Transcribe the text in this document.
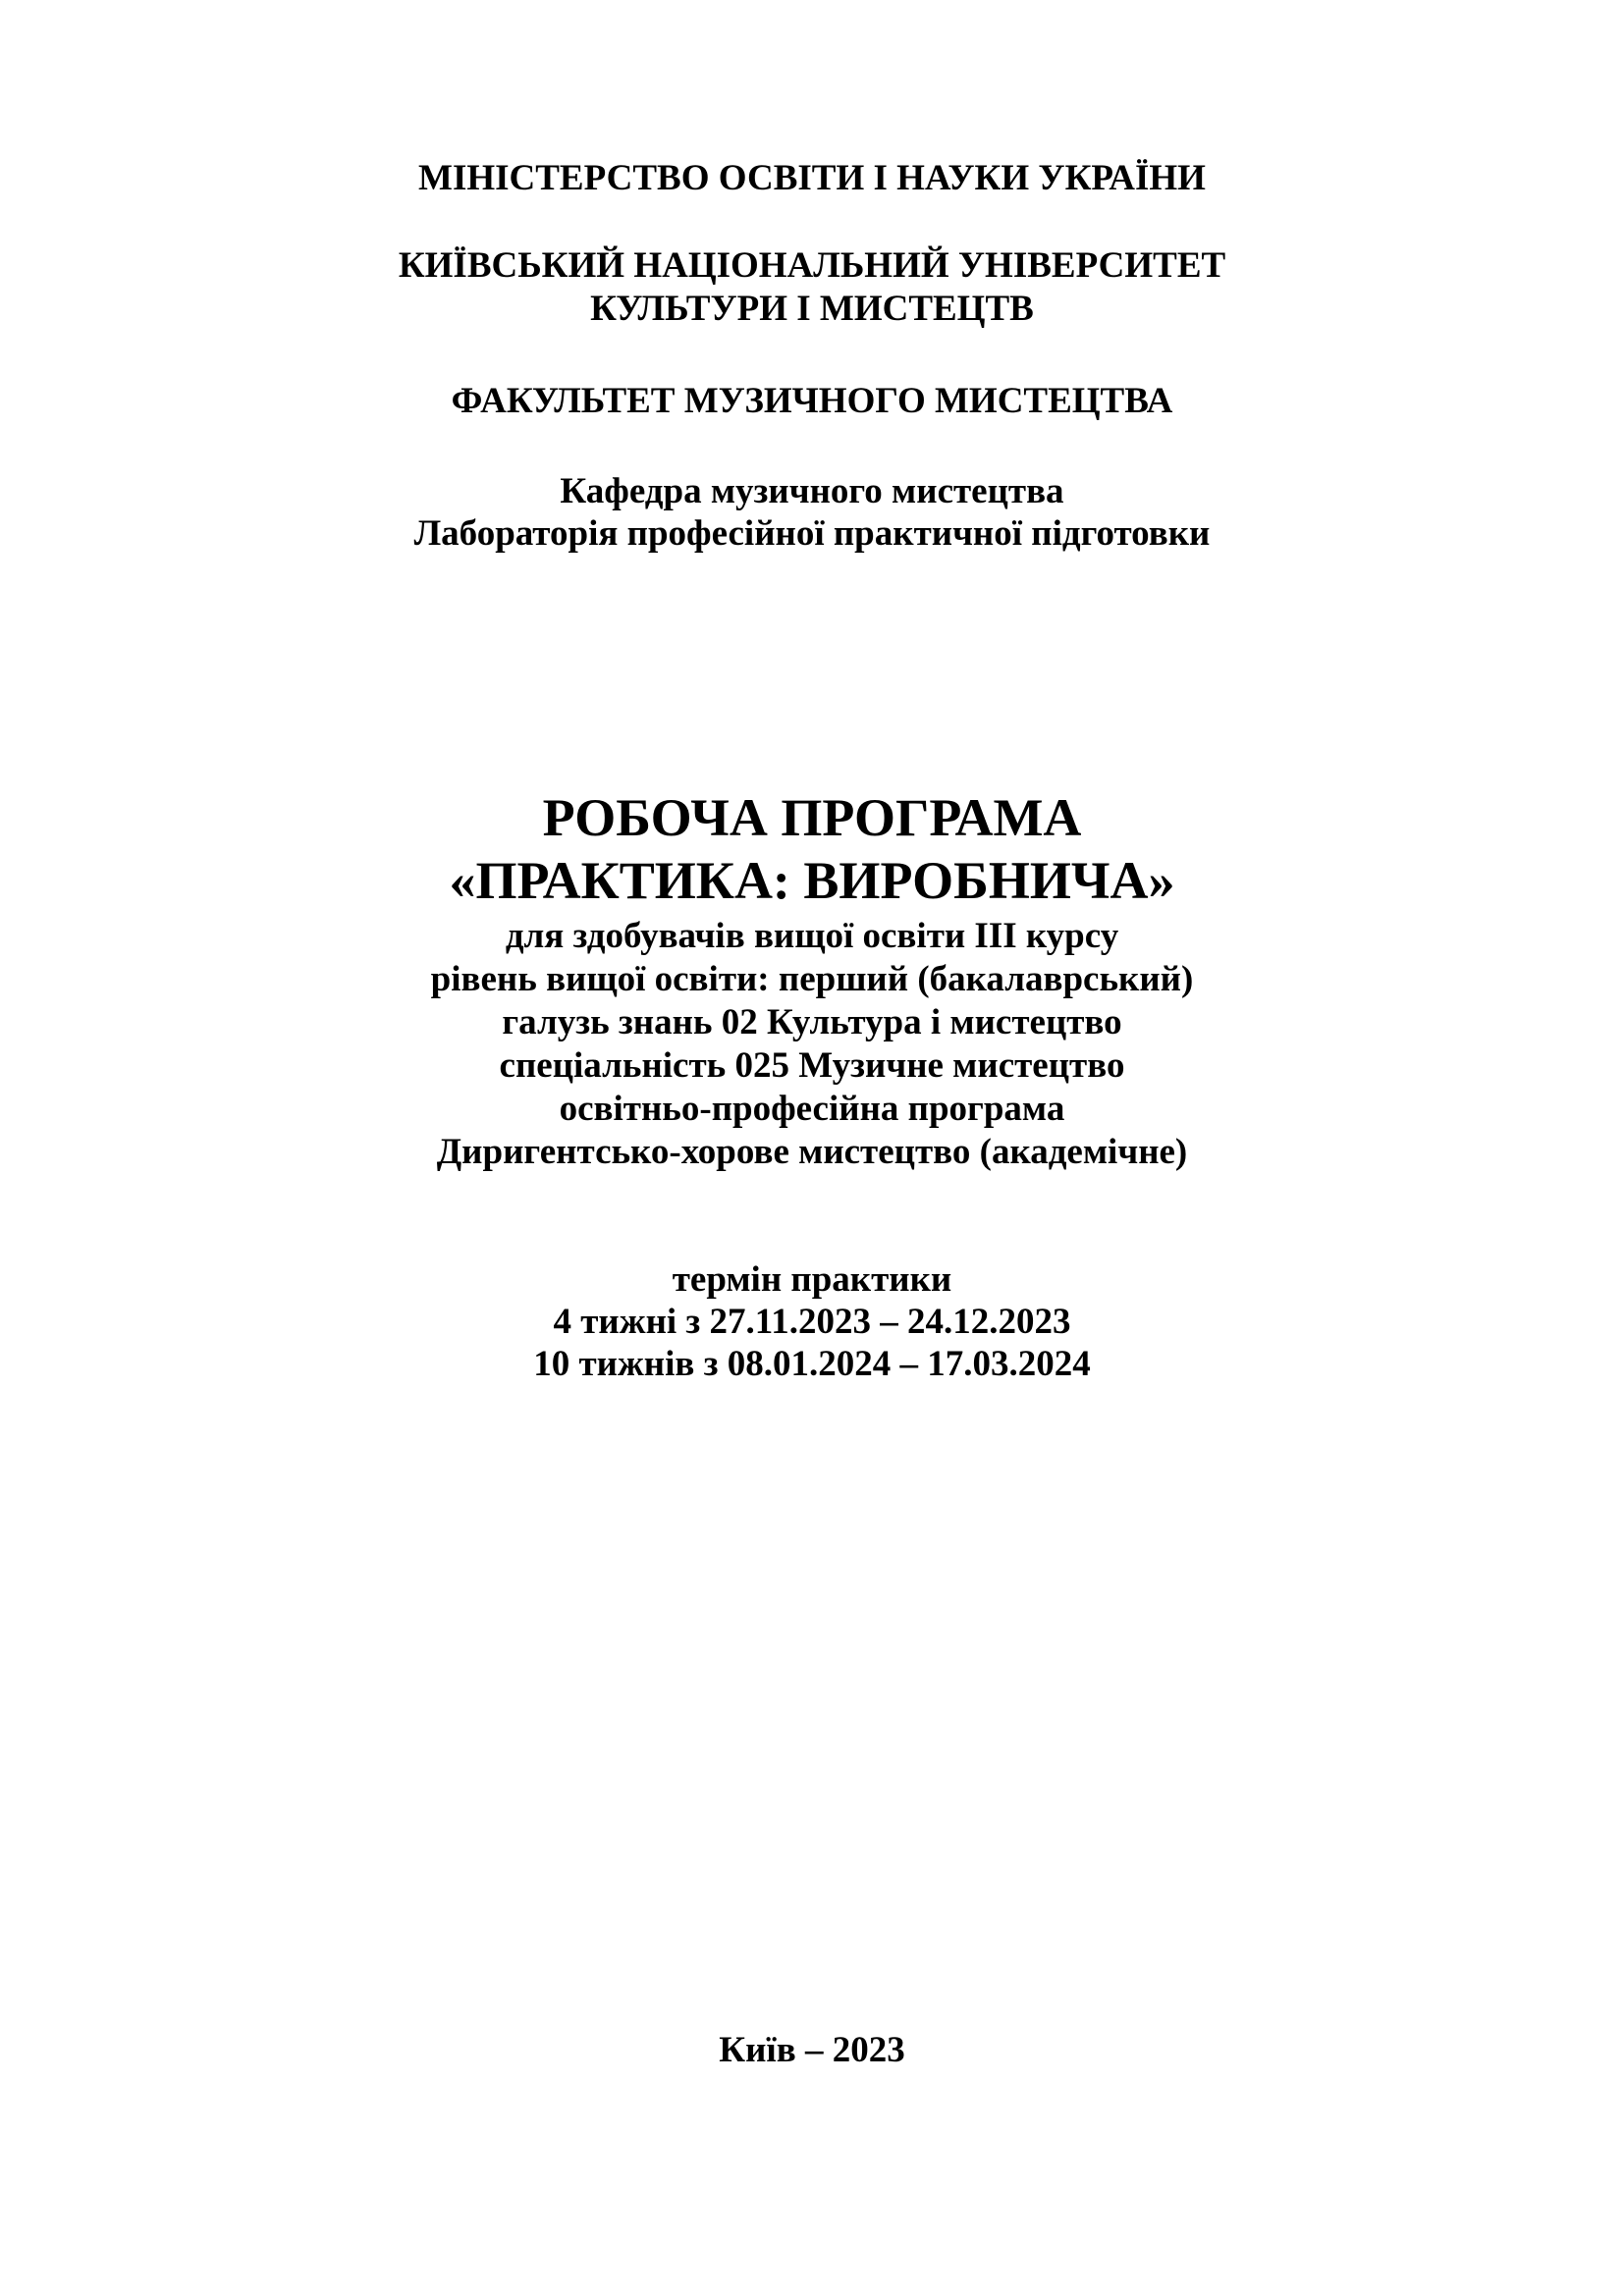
МІНІСТЕРСТВО ОСВІТИ І НАУКИ УКРАЇНИ
КИЇВСЬКИЙ НАЦІОНАЛЬНИЙ УНІВЕРСИТЕТ
КУЛЬТУРИ І МИСТЕЦТВ
ФАКУЛЬТЕТ МУЗИЧНОГО МИСТЕЦТВА
Кафедра музичного мистецтва
Лабораторія професійної практичної підготовки
РОБОЧА ПРОГРАМА
«ПРАКТИКА: ВИРОБНИЧА»
для здобувачів вищої освіти ІІІ курсу
рівень вищої освіти: перший (бакалаврський)
галузь знань 02 Культура і мистецтво
спеціальність 025 Музичне мистецтво
освітньо-професійна програма
Диригентсько-хорове мистецтво (академічне)
термін практики
4 тижні з 27.11.2023 – 24.12.2023
10 тижнів з 08.01.2024 – 17.03.2024
Київ – 2023
